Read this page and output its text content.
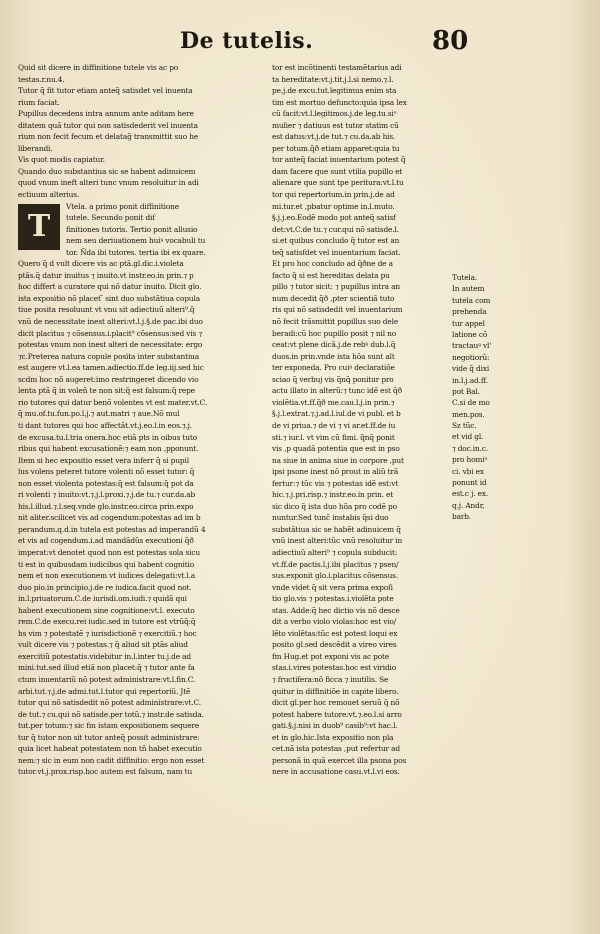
De tutelis.	80
Quid sit dicere in diffinitione tutele vis ac po
testas.r.nu.4.
Tutor q̃ fit tutor etiam anteq̃ satisdet vel inuenta
rium faciat.
Pupillus decedens intra annum ante aditam here
ditatem quã tutor qui non satisdederit vel inuenta
rium non fecit fecum et delatag̃ transmittit suo he
liberandi.
Vis quot modis capiatur.
Quando duo substantiua sic se habent adinuicem
quod vnum ineft alteri tunc vnum resoluitur in adi
ectiuum alterius.
T
Vtela. a primo ponit diffinitione
tutele. Secundo ponit dif
finitiones tutoris. Tertio ponit allusio
nem seu deriuationem huiꝰ vocabuli tu
tor. Ñda ibi tutores. tertia ibi ex quare.
Quero q̃ d vult dicere vis ac ptã.gl.dic.i.violeta
ptãs.q̃ datur inuitus ⁊ inuito.vt instr.eo.in prin.⁊ p
hoc differt a curatore qui nõ datur inuito. Dicit glo.
ista expositio nõ placet ̃ sint duo substãtiua copula
tiue posita resoluunt vt vnu sit adiectiuũ alteri⁹.q̃
vnũ de necessitate inest alteri:vt.l.j.§.de pac.ibi duo
dicit placitus ⁊ cõsensus.i.placit⁹ cõsensus:sed vis ⁊
potestas vnum non inest alteri de necessitate: ergo
⁊c.Preterea natura copule posita inter substantiua
est augere vt.l.ea tamen.adiectio.ff.de leg.iij.sed hic
scdm hoc nõ augeret:imo restringeret dicendo vio
lenta ptã q̃ in voleñ te non sit:q̃ est falsum:q̃ repe
rio tutores qui datur benõ volentes vt est mater.vt.C.
q̃ mu.of.tu.fun.po.l.j.⁊ aut.matri ⁊ aue.Nõ mul
ti dant tutores qui hoc affectãt.vt.j.eo.l.in eos.⁊.j.
de excusa.tu.l.tria onera.hoc etiã pts in oibus tuto
ribus qui habent excusationẽ:⁊ eam non ,pponunt.
Item si hec expositio esset vera inferr q̃ si pupil
lus volens peteret tutore volenti nõ esset tutor: q̃
non esset violenta potestas:q̃ est falsum:q̃ pot da
ri volenti ⁊ inuito:vt.⁊.j.l.proxi.⁊.j.de tu.⁊ cur.da.ab
his.l.illud.⁊.l.seq.vnde glo.instr.eo.circa prin.expo
nit aliter.scilicet vis ad cogendum:potestas ad im b
perandum.q.d.in tutela est potestas ad imperandũ 4
et vis ad cogendum.i.ad mandãdũs executioni q̃ð
imperat:vt denotet quod non est potestas sola sicu
ti est in quibusdam iudicibus qui habent cognitio
nem et non executionem vt iudices delegati:vt.l.a
duo pio.in principio.j.de re iudica.facit quod not.
in.l.priuatorum.C.de iurisdi.om.iudi.⁊ quidã qui
habent executionem sine cognitione:vt.l. executo
rem.C.de execu.rei iudic.sed in tutore est vtrũq̃:q̃
hs vim ⁊ potestatẽ ⁊ iurisdictionẽ ⁊ exercitiũ.⁊ hoc
vult dicere vis ⁊ potestas.⁊ q̃ aliud sit ptãs aliud
exercitiũ potestatis.videbitur in.l.inter tu.j.de ad
mini.tut.sed illud etiã non placet:q̃ ⁊ tutor ante fa
ctum inuentariũ nõ potest administrare:vt.l.fin.C.
arbi.tut.⁊.j.de admi.tut.l.tutor qui repertoriũ. Jtẽ
tutor qui nõ satisdedit nõ potest administrare:vt.C.
de tut.⁊ cu.qui nõ satisde.per totũ.⁊ instr.de satisda.
tut.per totum:⁊ sic fm istam expositionem sequere
tur q̃ tutor non sit tutor anteq̃ possit administrare:
quia licet habeat potestatem non tñ habet executio
nem:⁊ sic in eum non cadit diffinitio: ergo non esset
tutor.vt.j.prox.risp.hoc autem est falsum, nam tu
tor est incõtinenti testamẽtarius adi
ta hereditate:vt.j.tit.j.l.si nemo.⁊.l.
pe.j.de excu.tut.legitimus enim sta
tim est mortuo defuncto:quia ipsa lex
cũ facit:vt.l.legitimos.j.de leg.tu.siᵘ
mulier ⁊ datiuus est tutor statim cũ
est datus:vt.j.de tut.⁊ cu.da.ab his.
per totum.q̃ð etiam apparet:quia tu
tor anteq̃ faciat inuentarium potest q̃
dam facere que sunt vtilia pupillo et
alienare que sunt tpe peritura:vt.l.tu
tor qui repertorium.in prin.j.de ad
mi.tur.et ,pbatur optime in.l.muto.
§.j.j.eo.Eodẽ modo pot anteq̃ satisf
det:vt.C.de tu.⁊ cur.qui nõ satisde.l.
si.et quibus concludo q̃ tutor est an
teq̃ satisfdet vel inuentarium faciat.
Et pro hoc concludo ad q̃ðne de a
facto q̃ si est hereditas delata pu
pillo ⁊ tutor sicit: ⁊ pupillus intra an
num decedit q̃ð ,pter scientiã tuto
ris qui nõ satisdedit vel inuentarium
nõ fecit trãsmittit pupillus suo dele
beradi:cũ hoc pupillo posit ⁊ nil no
ceat:vt plene dicã.j.de rebꝰ dub.l.q̃
duos.in prin.vnde ista hõa sunt alt
ter exponeda. Pro cuiꝰ declaratiõe
sciao q̃ verbuj vis q̃nq̃ ponitur pro
actu illato in alterũ:⁊ tunc idẽ est q̃ð
violẽtia.vt.ff.q̃ð me.cau.l.j.in prin.⁊
§.j.l.extrat.⁊.j.ad.l.iul.de vi publ. et b
de vi priua.⁊ de vi ⁊ vi ar.et.ff.de iu
sti.⁊ iur.l. vt vim cũ fimi. q̃nq̃ ponit
vis ,p quadã potentia que est in pso
na siue in anima siue in corpore ,put
ipsi psone inest nõ prout in aliũ trã
fertur:⁊ tũc vis ⁊ potestas idẽ est:vt
hic.⁊.j.pri.risp.⁊ instr.eo.in prin. et
sic dico q̃ ista duo hõa pro codẽ po
nuntur.Sed tunc̃ instabis q̃si duo
substãtiua sic se habẽt adinuicem q̃
vnũ inest alteri:tũc vnũ resoluitur in
adiectiuũ alteri⁹ ⁊ copula subducit:
vt.ff.de pactis.l.j.ibi placitus ⁊ psen/
sus.exponit glo.i.placitus cõsensus.
vnde videt q̃ sit vera prima expoſi
tio glo.vis ⁊ potestas.i.violẽta pote
stas. Adde:q̃ hec dictio vis nõ desce
dit a verbo violo violas:hoc est vio/
lẽto violẽtas:tũc est potest loqui ex
posito gl.sed descẽdit a vireo vires
fm Hug.et pot exponi vis ac pote
stas.i.vires potestas.hoc est viridio
⁊ fructifera:nõ ficca ⁊ inutilis. Se
quitur in diffinitiõe in capite libero.
dicit gl.per hoc remouet seruũ q̃ nõ
potest habere tutore:vt.⁊.eo.l.si arro
gati.§.j.nisi in duob⁹ casib⁹:vt hac.l.
et in glo.hic.Ista expositio non pla
cet.nã ista potestas ,put refertur ad
personã in quã exercet illa psona pos
nere in accusatione casu.vt.l.vi eos.
Tutela.
In autem
tutela com
prehenda
tur appel
latione cõ
tractauꝰ vl'
negotiorũ:
vide q̃ dixi
in.l.j.ad.ff.
pot Bal.
C.si de mo
men.pos.
Sz tũc.
et vid gl.
⁊ doc.in.c.
pro homiᵘ
ci. vbi ex
ponunt id
est.c j. ex.
q.j. Andr,
barb.
